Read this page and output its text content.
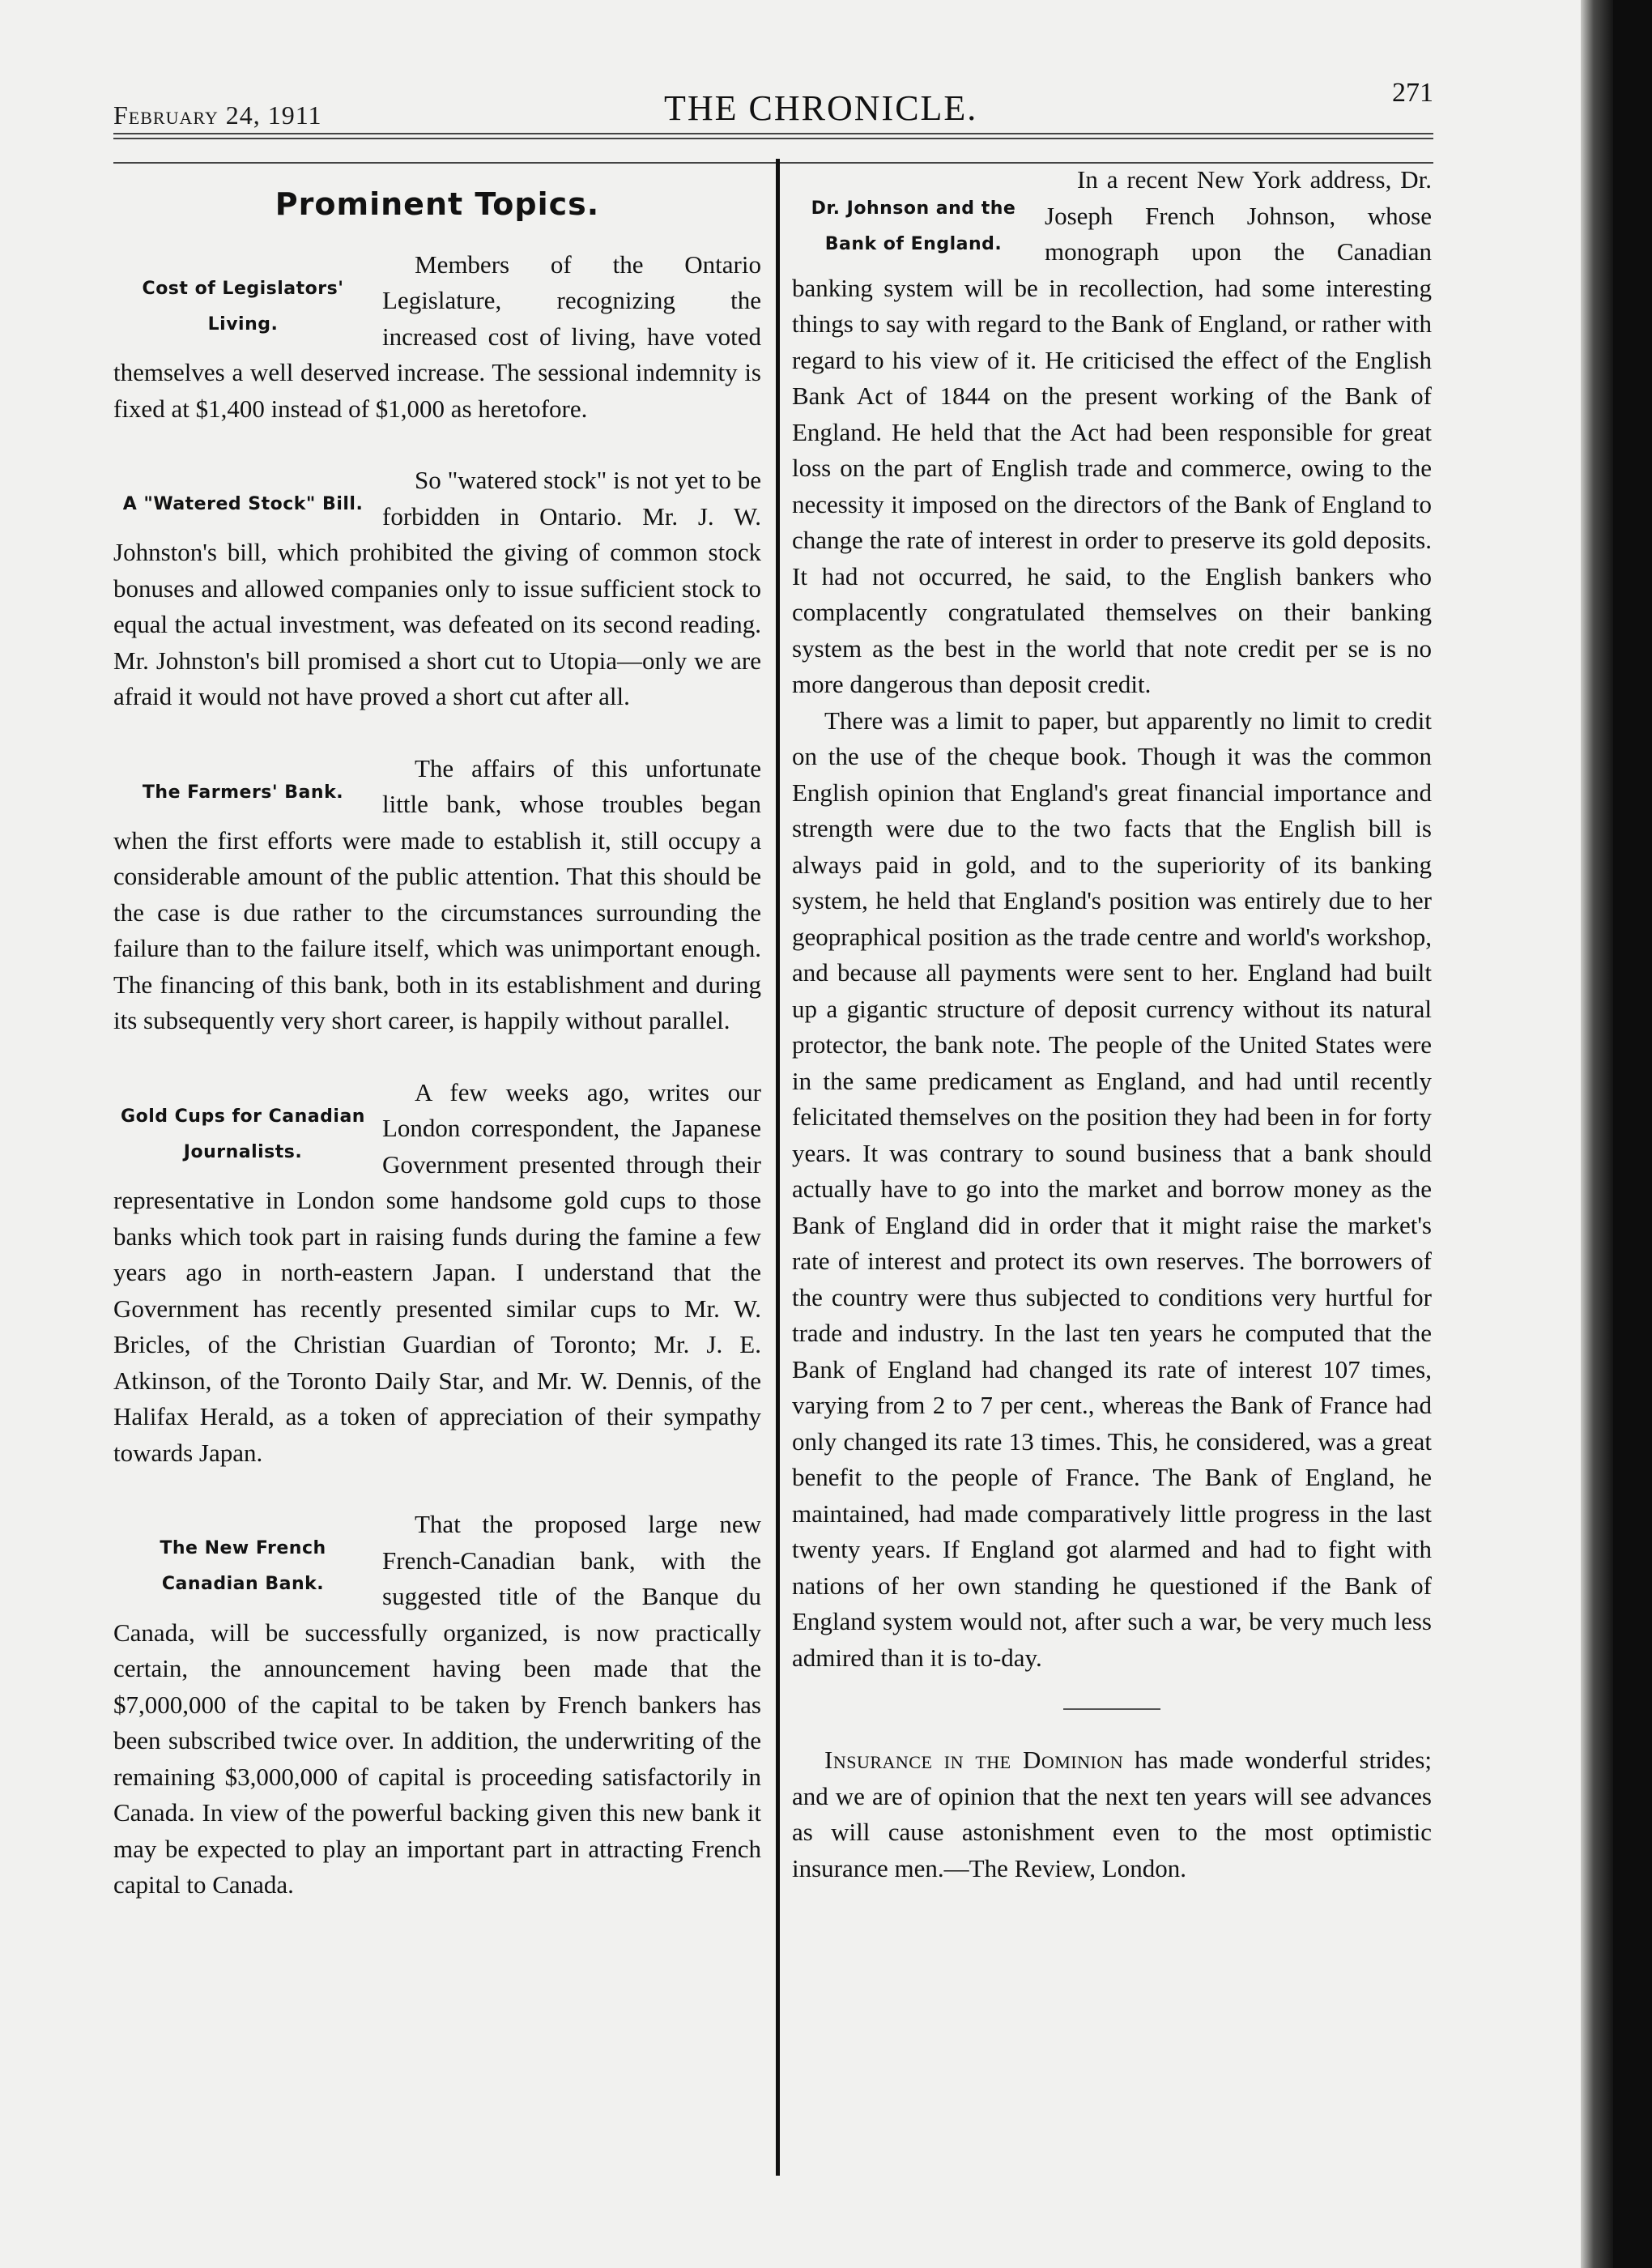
February 24, 1911	THE CHRONICLE.	271
Prominent Topics.
Cost of Legislators' Living.

Members of the Ontario Legislature, recognizing the increased cost of living, have voted themselves a well deserved increase. The sessional indemnity is fixed at $1,400 instead of $1,000 as heretofore.

A "Watered Stock" Bill.

So "watered stock" is not yet to be forbidden in Ontario. Mr. J. W. Johnston's bill, which prohibited the giving of common stock bonuses and allowed companies only to issue sufficient stock to equal the actual investment, was defeated on its second reading. Mr. Johnston's bill promised a short cut to Utopia—only we are afraid it would not have proved a short cut after all.

The Farmers' Bank.

The affairs of this unfortunate little bank, whose troubles began when the first efforts were made to establish it, still occupy a considerable amount of the public attention. That this should be the case is due rather to the circumstances surrounding the failure than to the failure itself, which was unimportant enough. The financing of this bank, both in its establishment and during its subsequently very short career, is happily without parallel.

Gold Cups for Canadian Journalists.

A few weeks ago, writes our London correspondent, the Japanese Government presented through their representative in London some handsome gold cups to those banks which took part in raising funds during the famine a few years ago in north-eastern Japan. I understand that the Government has recently presented similar cups to Mr. W. Bricles, of the Christian Guardian of Toronto; Mr. J. E. Atkinson, of the Toronto Daily Star, and Mr. W. Dennis, of the Halifax Herald, as a token of appreciation of their sympathy towards Japan.

The New French Canadian Bank.

That the proposed large new French-Canadian bank, with the suggested title of the Banque du Canada, will be successfully organized, is now practically certain, the announcement having been made that the $7,000,000 of the capital to be taken by French bankers has been subscribed twice over. In addition, the underwriting of the remaining $3,000,000 of capital is proceeding satisfactorily in Canada. In view of the powerful backing given this new bank it may be expected to play an important part in attracting French capital to Canada.

Dr. Johnson and the Bank of England.

In a recent New York address, Dr. Joseph French Johnson, whose monograph upon the Canadian banking system will be in recollection, had some interesting things to say with regard to the Bank of England, or rather with regard to his view of it. He criticised the effect of the English Bank Act of 1844 on the present working of the Bank of England. He held that the Act had been responsible for great loss on the part of English trade and commerce, owing to the necessity it imposed on the directors of the Bank of England to change the rate of interest in order to preserve its gold deposits. It had not occurred, he said, to the English bankers who complacently congratulated themselves on their banking system as the best in the world that note credit per se is no more dangerous than deposit credit.

There was a limit to paper, but apparently no limit to credit on the use of the cheque book. Though it was the common English opinion that England's great financial importance and strength were due to the two facts that the English bill is always paid in gold, and to the superiority of its banking system, he held that England's position was entirely due to her geopraphical position as the trade centre and world's workshop, and because all payments were sent to her. England had built up a gigantic structure of deposit currency without its natural protector, the bank note. The people of the United States were in the same predicament as England, and had until recently felicitated themselves on the position they had been in for forty years. It was contrary to sound business that a bank should actually have to go into the market and borrow money as the Bank of England did in order that it might raise the market's rate of interest and protect its own reserves. The borrowers of the country were thus subjected to conditions very hurtful for trade and industry. In the last ten years he computed that the Bank of England had changed its rate of interest 107 times, varying from 2 to 7 per cent., whereas the Bank of France had only changed its rate 13 times. This, he considered, was a great benefit to the people of France. The Bank of England, he maintained, had made comparatively little progress in the last twenty years. If England got alarmed and had to fight with nations of her own standing he questioned if the Bank of England system would not, after such a war, be very much less admired than it is to-day.

Insurance in the Dominion has made wonderful strides; and we are of opinion that the next ten years will see advances as will cause astonishment even to the most optimistic insurance men.—The Review, London.
